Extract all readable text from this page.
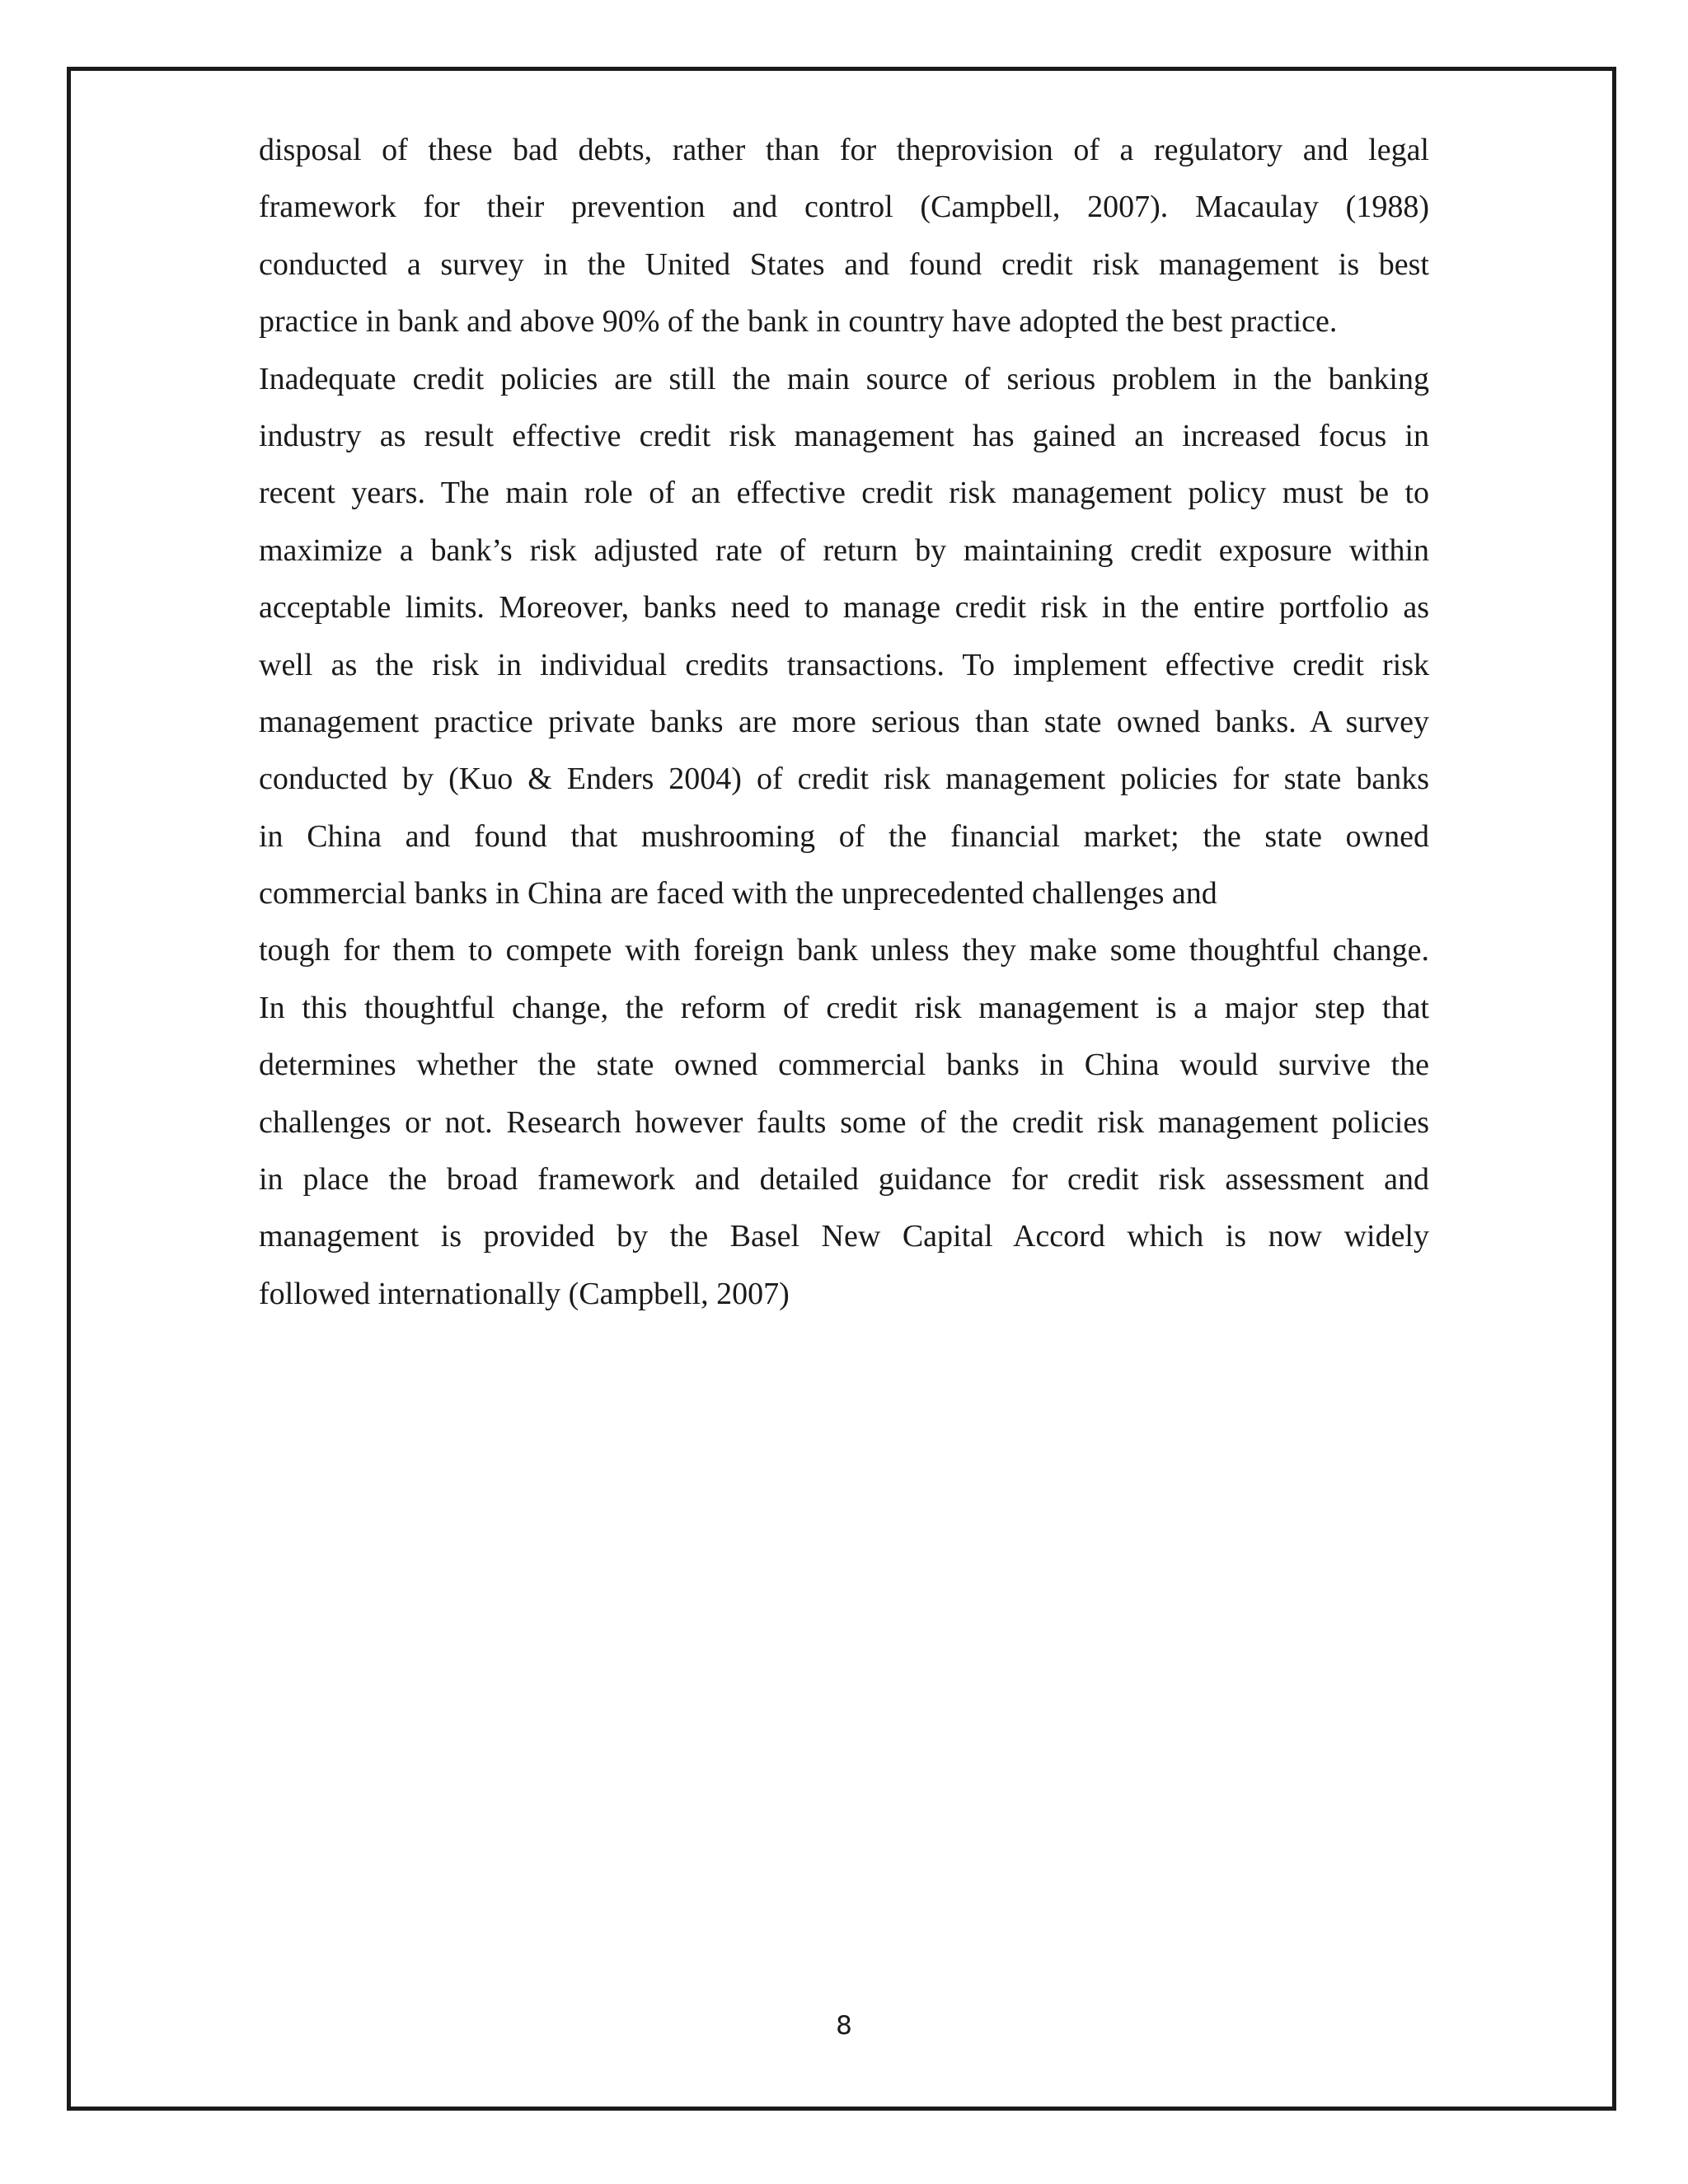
disposal of these bad debts, rather than for theprovision of a regulatory and legal
framework for their prevention and control (Campbell, 2007). Macaulay (1988)
conducted a survey in the United States and found credit risk management is best
practice in bank and above 90% of the bank in country have adopted the best practice.
Inadequate credit policies are still the main source of serious problem in the banking
industry as result effective credit risk management has gained an increased focus in
recent years. The main role of an effective credit risk management policy must be to
maximize a bank’s risk adjusted rate of return by maintaining credit exposure within
acceptable limits. Moreover, banks need to manage credit risk in the entire portfolio as
well as the risk in individual credits transactions. To implement effective credit risk
management practice private banks are more serious than state owned banks. A survey
conducted by (Kuo & Enders 2004) of credit risk management policies for state banks
in China and found that mushrooming of the financial market; the state owned
commercial banks in China are faced with the unprecedented challenges and
tough for them to compete with foreign bank unless they make some thoughtful change.
In this thoughtful change, the reform of credit risk management is a major step that
determines whether the state owned commercial banks in China would survive the
challenges or not. Research however faults some of the credit risk management policies
in place the broad framework and detailed guidance for credit risk assessment and
management is provided by the Basel New Capital Accord which is now widely
followed internationally (Campbell, 2007)
8
